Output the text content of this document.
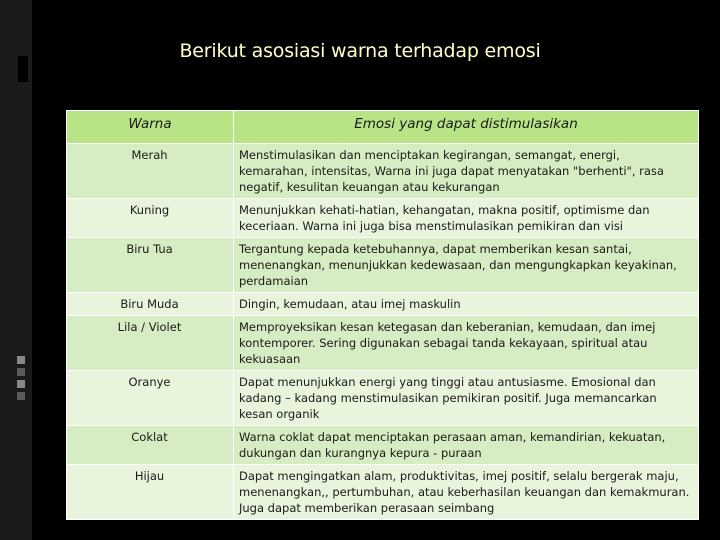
Berikut asosiasi warna terhadap emosi
Warna	Emosi yang dapat distimulasikan
Merah	Menstimulasikan dan menciptakan kegirangan, semangat, energi, kemarahan, intensitas, Warna ini juga dapat menyatakan "berhenti", rasa negatif, kesulitan keuangan atau kekurangan
Kuning	Menunjukkan kehati-hatian, kehangatan, makna positif, optimisme dan keceriaan. Warna ini juga bisa menstimulasikan pemikiran dan visi
Biru Tua	Tergantung kepada ketebuhannya, dapat memberikan kesan santai, menenangkan, menunjukkan kedewasaan, dan mengungkapkan keyakinan, perdamaian
Biru Muda	Dingin, kemudaan, atau imej maskulin
Lila / Violet	Memproyeksikan kesan ketegasan dan keberanian, kemudaan, dan imej kontemporer. Sering digunakan sebagai tanda kekayaan, spiritual atau kekuasaan
Oranye	Dapat menunjukkan energi yang tinggi atau antusiasme. Emosional dan kadang – kadang menstimulasikan pemikiran positif. Juga memancarkan kesan organik
Coklat	Warna coklat dapat menciptakan perasaan aman, kemandirian, kekuatan, dukungan dan kurangnya kepura - puraan
Hijau	Dapat mengingatkan alam, produktivitas, imej positif, selalu bergerak maju, menenangkan,, pertumbuhan, atau keberhasilan keuangan dan kemakmuran. Juga dapat memberikan perasaan seimbang
